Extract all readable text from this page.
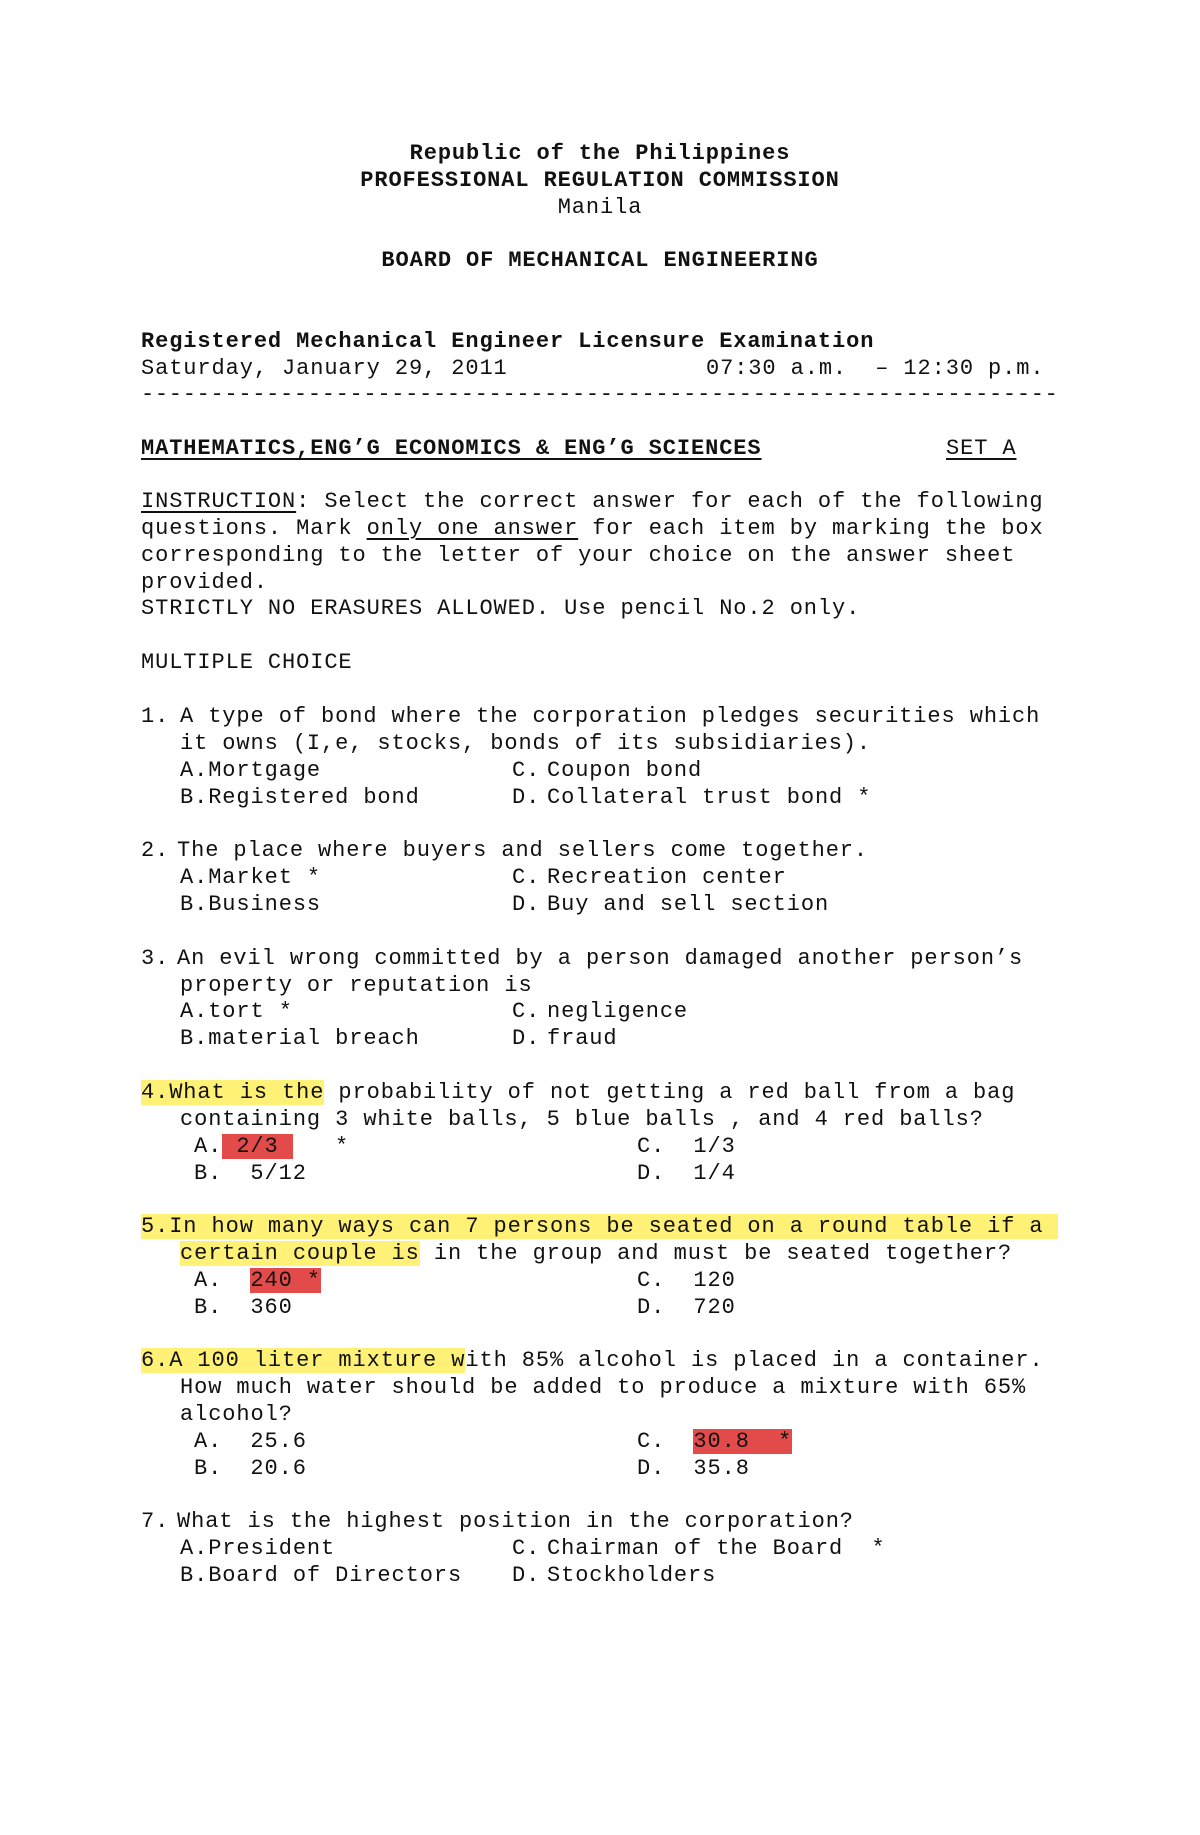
Republic of the Philippines
PROFESSIONAL REGULATION COMMISSION
Manila
BOARD OF MECHANICAL ENGINEERING
Registered Mechanical Engineer Licensure Examination
Saturday, January 29, 2011	07:30 a.m.  – 12:30 p.m.
------------------------------------------------------------------
MATHEMATICS,ENG’G ECONOMICS & ENG’G SCIENCES	SET A
INSTRUCTION: Select the correct answer for each of the following
questions. Mark only one answer for each item by marking the box
corresponding to the letter of your choice on the answer sheet
provided.
STRICTLY NO ERASURES ALLOWED. Use pencil No.2 only.
MULTIPLE CHOICE
1. A type of bond where the corporation pledges securities which
it owns (I,e, stocks, bonds of its subsidiaries).
A.Mortgage	C. Coupon bond
B.Registered bond	D. Collateral trust bond *
2. The place where buyers and sellers come together.
A.Market *	C. Recreation center
B.Business	D. Buy and sell section
3. An evil wrong committed by a person damaged another person’s
property or reputation is
A.tort *	C. negligence
B.material breach	D. fraud
4.What is the probability of not getting a red ball from a bag
containing 3 white balls, 5 blue balls , and 4 red balls?
A. 2/3    *	C.  1/3
B.  5/12	D.  1/4
5.In how many ways can 7 persons be seated on a round table if a
certain couple is in the group and must be seated together?
A.  240 *	C.  120
B.  360	D.  720
6.A 100 liter mixture with 85% alcohol is placed in a container.
How much water should be added to produce a mixture with 65%
alcohol?
A.  25.6	C.  30.8  *
B.  20.6	D.  35.8
7. What is the highest position in the corporation?
A.President	C. Chairman of the Board  *
B.Board of Directors D. Stockholders
